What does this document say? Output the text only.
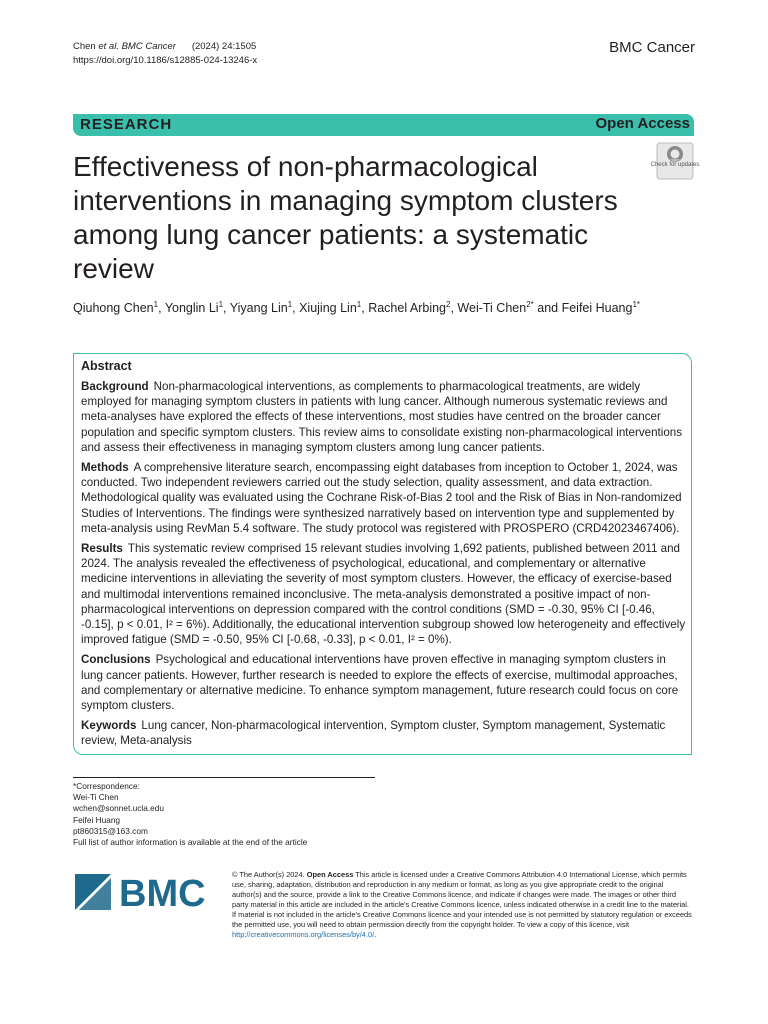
Chen et al. BMC Cancer (2024) 24:1505
https://doi.org/10.1186/s12885-024-13246-x
BMC Cancer
RESEARCH	Open Access
Effectiveness of non-pharmacological interventions in managing symptom clusters among lung cancer patients: a systematic review
Check for updates
Qiuhong Chen$^1$, Yonglin Li$^1$, Yiyang Lin$^1$, Xiujing Lin$^1$, Rachel Arbing$^2$, Wei-Ti Chen$^{2*}$ and Feifei Huang$^{1*}$
Abstract

Background Non-pharmacological interventions, as complements to pharmacological treatments, are widely employed for managing symptom clusters in patients with lung cancer. Although numerous systematic reviews and meta-analyses have explored the effects of these interventions, most studies have centred on the broader cancer population and specific symptom clusters. This review aims to consolidate existing non-pharmacological interventions and assess their effectiveness in managing symptom clusters among lung cancer patients.

Methods A comprehensive literature search, encompassing eight databases from inception to October 1, 2024, was conducted. Two independent reviewers carried out the study selection, quality assessment, and data extraction. Methodological quality was evaluated using the Cochrane Risk-of-Bias 2 tool and the Risk of Bias in Non-randomized Studies of Interventions. The findings were synthesized narratively based on intervention type and supplemented by meta-analysis using RevMan 5.4 software. The study protocol was registered with PROSPERO (CRD42023467406).

Results This systematic review comprised 15 relevant studies involving 1,692 patients, published between 2011 and 2024. The analysis revealed the effectiveness of psychological, educational, and complementary or alternative medicine interventions in alleviating the severity of most symptom clusters. However, the efficacy of exercise-based and multimodal interventions remained inconclusive. The meta-analysis demonstrated a positive impact of non-pharmacological interventions on depression compared with the control conditions (SMD = -0.30, 95% CI [-0.46, -0.15], p < 0.01, I² = 6%). Additionally, the educational intervention subgroup showed low heterogeneity and effectively improved fatigue (SMD = -0.50, 95% CI [-0.68, -0.33], p < 0.01, I² = 0%).

Conclusions Psychological and educational interventions have proven effective in managing symptom clusters in lung cancer patients. However, further research is needed to explore the effects of exercise, multimodal approaches, and complementary or alternative medicine. To enhance symptom management, future research could focus on core symptom clusters.

Keywords Lung cancer, Non-pharmacological intervention, Symptom cluster, Symptom management, Systematic review, Meta-analysis

*Correspondence:
Wei-Ti Chen
wchen@sonnet.ucla.edu
Feifei Huang
pt860315@163.com
Full list of author information is available at the end of the article
BMC	© The Author(s) 2024. Open Access This article is licensed under a Creative Commons Attribution 4.0 International License, which permits use, sharing, adaptation, distribution and reproduction in any medium or format, as long as you give appropriate credit to the original author(s) and the source, provide a link to the Creative Commons licence, and indicate if changes were made. The images or other third party material in this article are included in the article's Creative Commons licence, unless indicated otherwise in a credit line to the material. If material is not included in the article's Creative Commons licence and your intended use is not permitted by statutory regulation or exceeds the permitted use, you will need to obtain permission directly from the copyright holder. To view a copy of this licence, visit http://creativecommons.org/licenses/by/4.0/.
